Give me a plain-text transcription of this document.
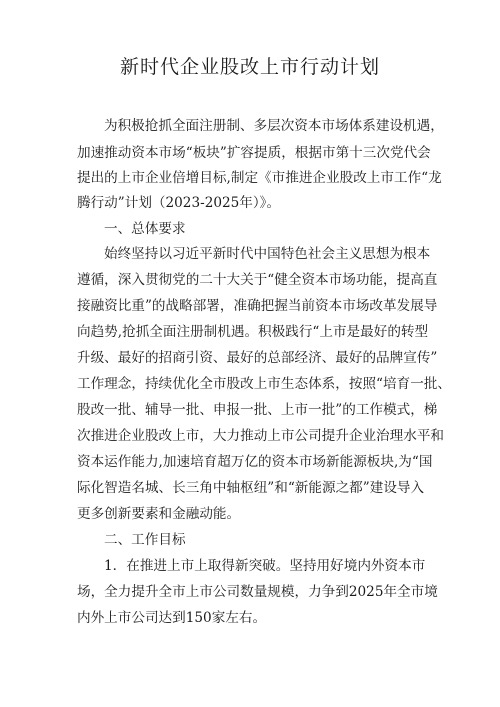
新时代企业股改上市行动计划

为积极抢抓全面注册制、多层次资本市场体系建设机遇，

加速推动资本市场“板块”扩容提质，根据市第十三次党代会

提出的上市企业倍增目标,制定《市推进企业股改上市工作“龙

腾行动”计划（2023-2025年）》。

一、总体要求

始终坚持以习近平新时代中国特色社会主义思想为根本

遵循，深入贯彻党的二十大关于“健全资本市场功能，提高直

接融资比重”的战略部署，准确把握当前资本市场改革发展导

向趋势,抢抓全面注册制机遇。积极践行“上市是最好的转型

升级、最好的招商引资、最好的总部经济、最好的品牌宣传”

工作理念，持续优化全市股改上市生态体系，按照“培育一批、

股改一批、辅导一批、申报一批、上市一批”的工作模式，梯

次推进企业股改上市，大力推动上市公司提升企业治理水平和

资本运作能力,加速培育超万亿的资本市场新能源板块,为“国

际化智造名城、长三角中轴枢纽”和“新能源之都”建设导入

更多创新要素和金融动能。

二、工作目标

1．在推进上市上取得新突破。坚持用好境内外资本市

场，全力提升全市上市公司数量规模，力争到2025年全市境

内外上市公司达到150家左右。
